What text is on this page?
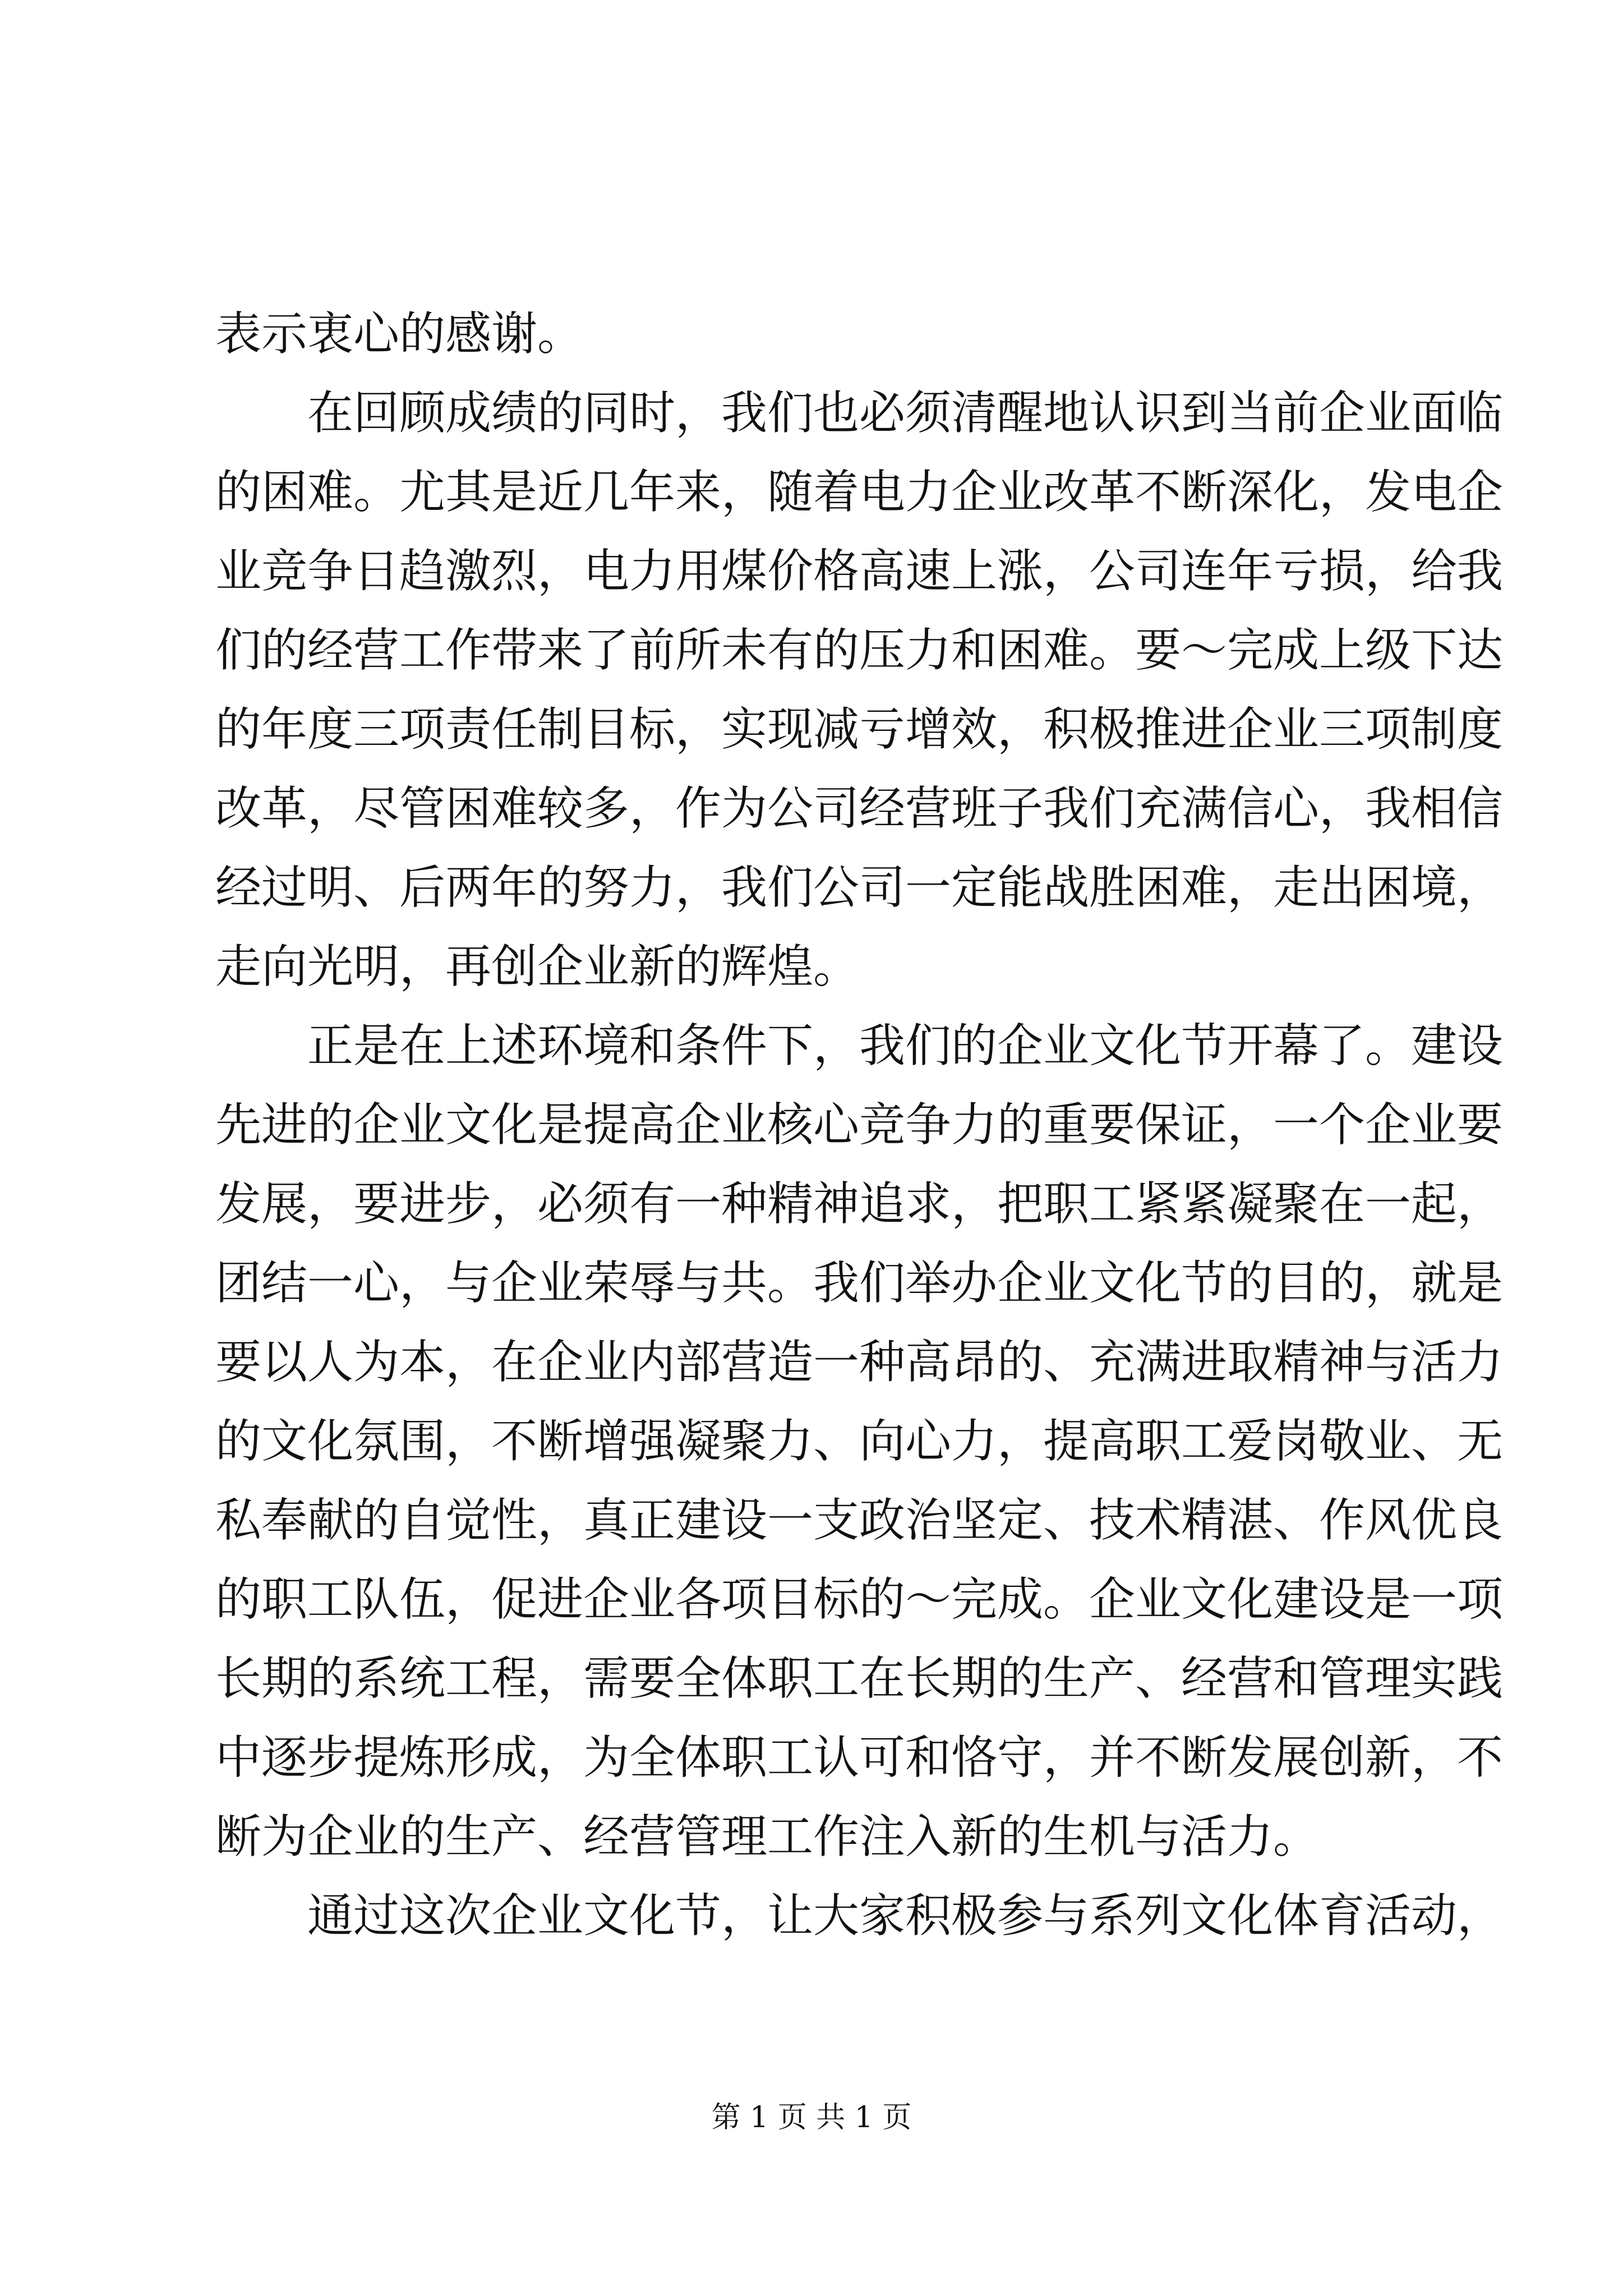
表示衷心的感谢。
在回顾成绩的同时，我们也必须清醒地认识到当前企业面临
的困难。尤其是近几年来，随着电力企业改革不断深化，发电企
业竞争日趋激烈，电力用煤价格高速上涨，公司连年亏损，给我
们的经营工作带来了前所未有的压力和困难。要～完成上级下达
的年度三项责任制目标，实现减亏增效，积极推进企业三项制度
改革，尽管困难较多，作为公司经营班子我们充满信心，我相信
经过明、后两年的努力，我们公司一定能战胜困难，走出困境，
走向光明，再创企业新的辉煌。
正是在上述环境和条件下，我们的企业文化节开幕了。建设
先进的企业文化是提高企业核心竞争力的重要保证，一个企业要
发展，要进步，必须有一种精神追求，把职工紧紧凝聚在一起，
团结一心，与企业荣辱与共。我们举办企业文化节的目的，就是
要以人为本，在企业内部营造一种高昂的、充满进取精神与活力
的文化氛围，不断增强凝聚力、向心力，提高职工爱岗敬业、无
私奉献的自觉性，真正建设一支政治坚定、技术精湛、作风优良
的职工队伍，促进企业各项目标的～完成。企业文化建设是一项
长期的系统工程，需要全体职工在长期的生产、经营和管理实践
中逐步提炼形成，为全体职工认可和恪守，并不断发展创新，不
断为企业的生产、经营管理工作注入新的生机与活力。
通过这次企业文化节，让大家积极参与系列文化体育活动，
第 1 页 共 1 页
